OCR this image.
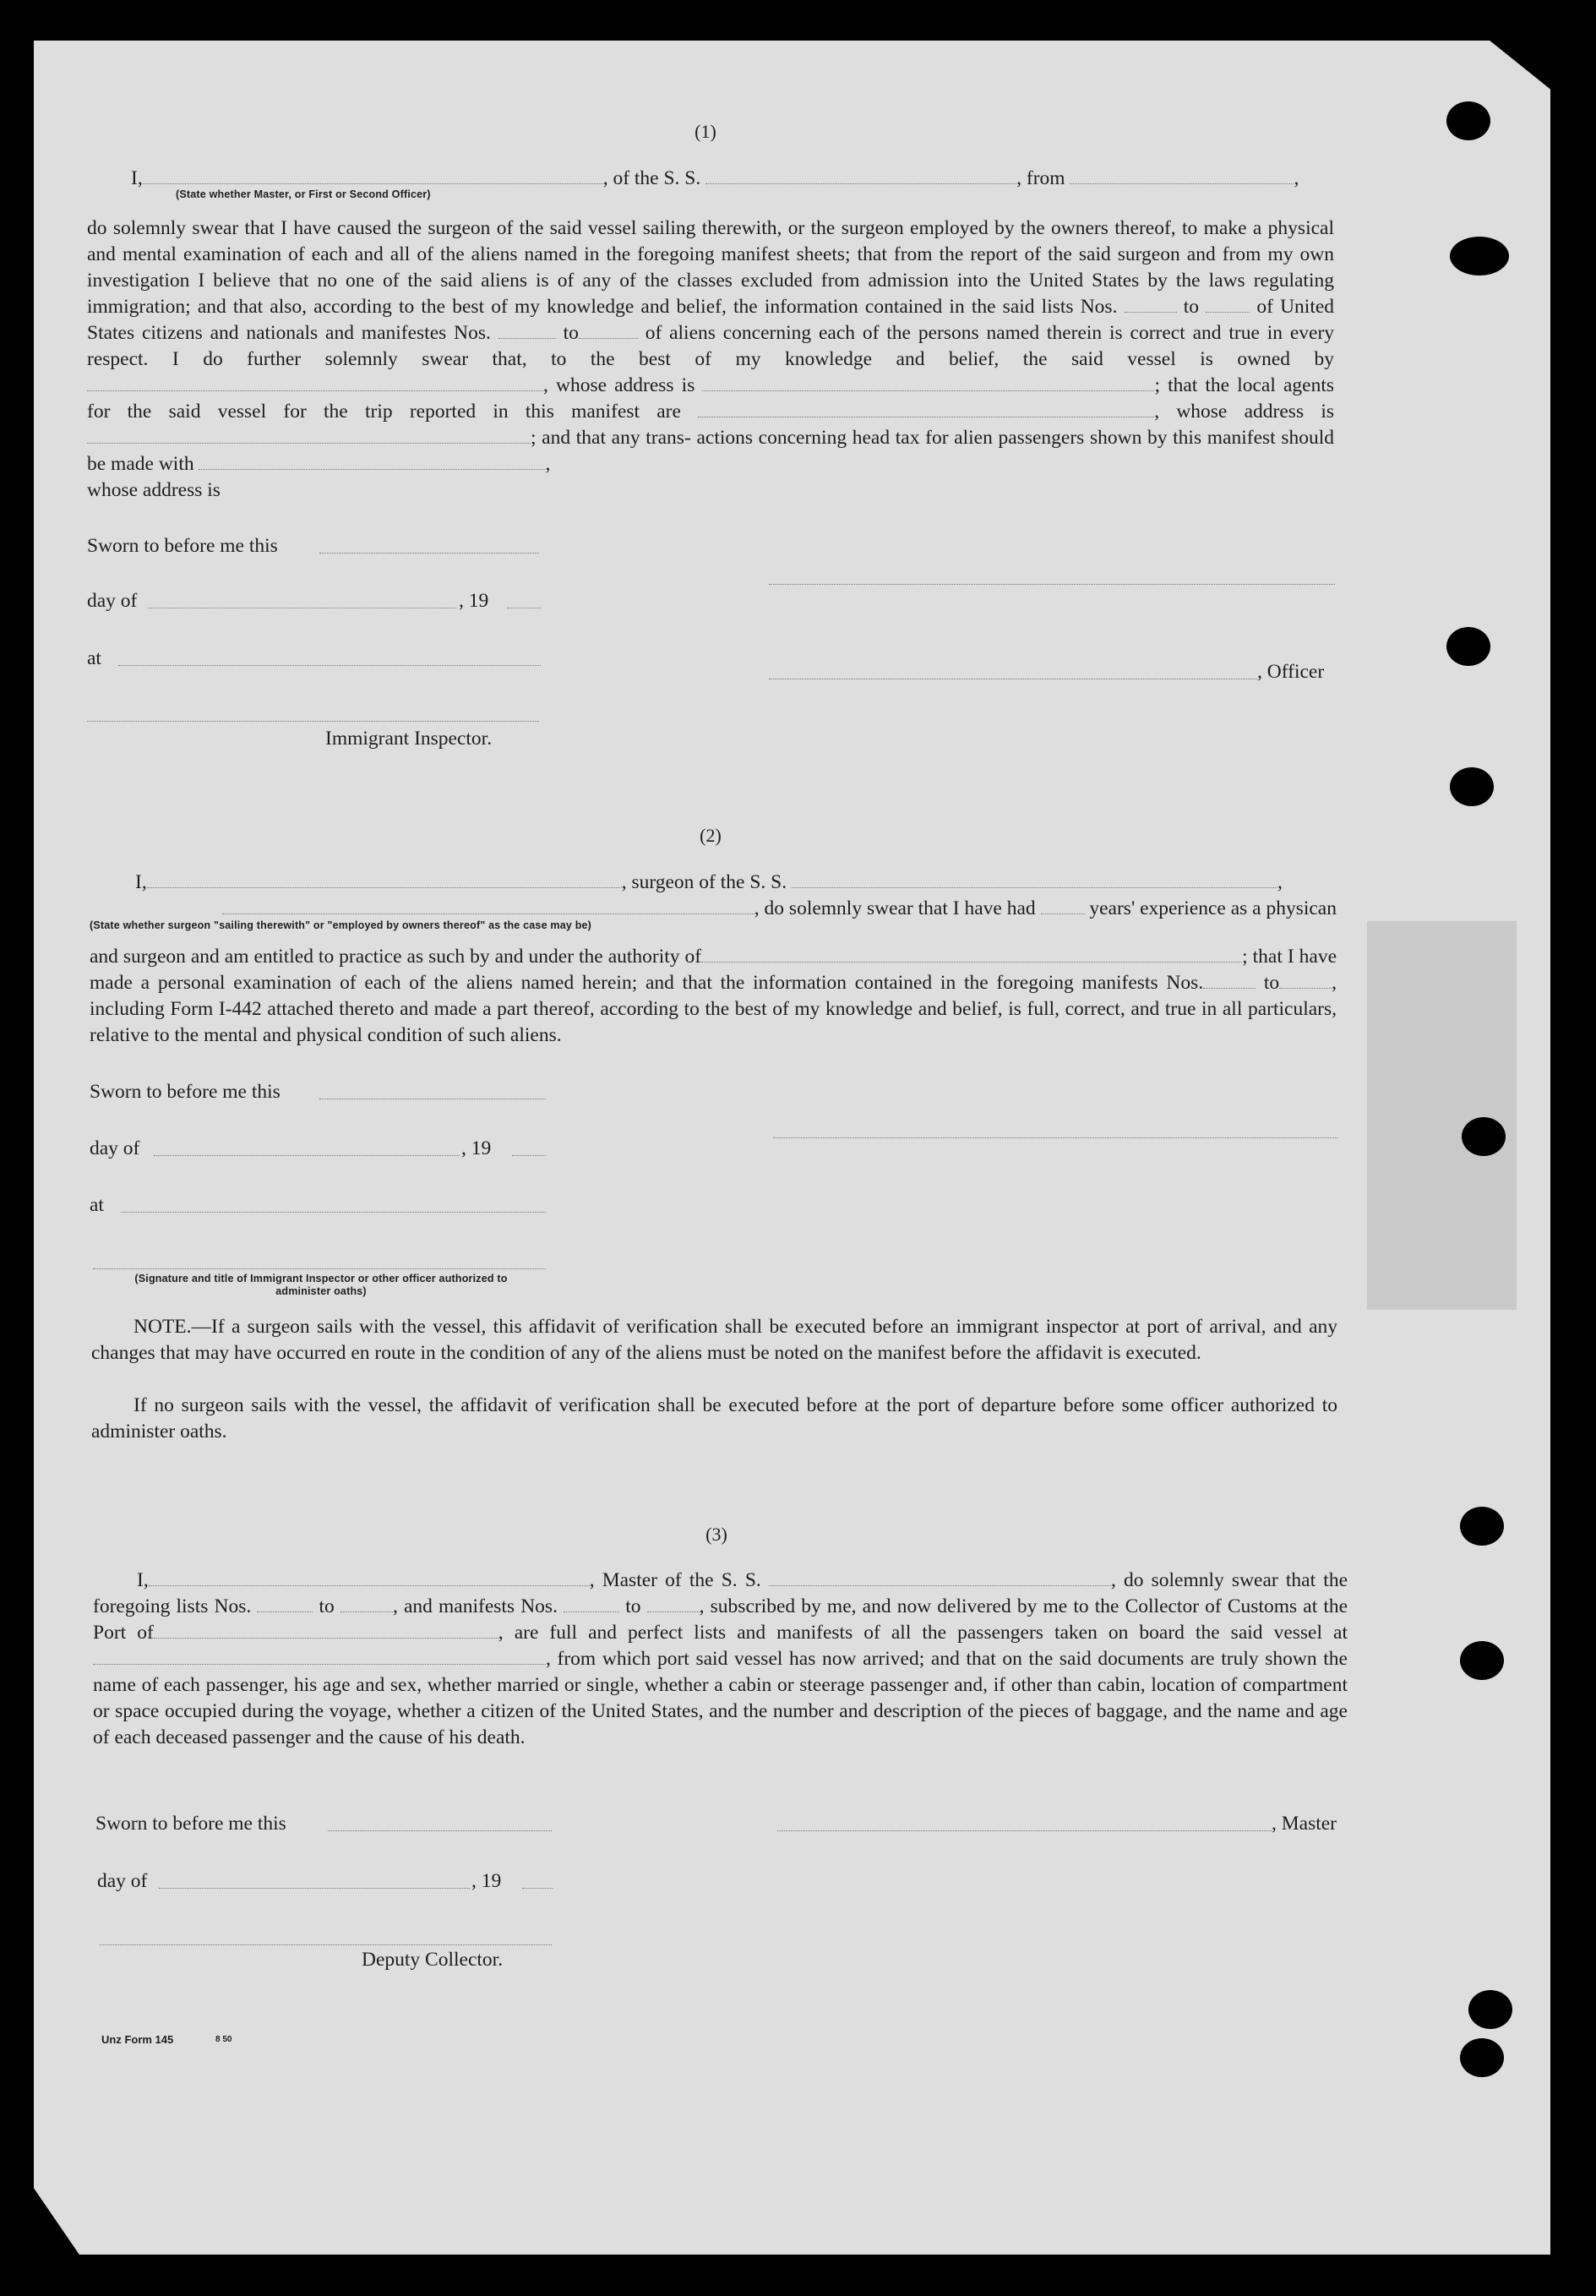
(1)
I,	, of the S. S.	, from	,
(State whether Master, or First or Second Officer)
do solemnly swear that I have caused the surgeon of the said vessel sailing therewith, or the surgeon employed by the owners thereof, to make a physical and mental examination of each and all of the aliens named in the foregoing manifest sheets; that from the report of the said surgeon and from my own investigation I believe that no one of the said aliens is of any of the classes excluded from admission into the United States by the laws regulating immigration; and that also, according to the best of my knowledge and belief, the information contained in the said lists Nos.	to	of United States citizens and nationals and manifestes Nos.	to	of aliens concerning each of the persons named therein is correct and true in every respect. I do further solemnly swear that, to the best of my knowledge and belief, the said vessel is owned by , whose address is	; that the local agents for the said vessel for the trip reported in this manifest are	, whose address is ; and that any trans- actions concerning head tax for alien passengers shown by this manifest should be made with	,
whose address is
Sworn to before me this
day of	, 19
at
, Officer
Immigrant Inspector.
(2)
I,	, surgeon of the S. S.	,
, do solemnly swear that I have had	years' experience as a physican
(State whether surgeon "sailing therewith" or "employed by owners thereof" as the case may be)
and surgeon and am entitled to practice as such by and under the authority of	; that I have made a personal examination of each of the aliens named herein; and that the information contained in the foregoing manifests Nos.	to	, including Form I-442 attached thereto and made a part thereof, according to the best of my knowledge and belief, is full, correct, and true in all particulars, relative to the mental and physical condition of such aliens.
Sworn to before me this
day of	, 19
at
(Signature and title of Immigrant Inspector or other officer authorized to administer oaths)
NOTE.—If a surgeon sails with the vessel, this affidavit of verification shall be executed before an immigrant inspector at port of arrival, and any changes that may have occurred en route in the condition of any of the aliens must be noted on the manifest before the affidavit is executed.
If no surgeon sails with the vessel, the affidavit of verification shall be executed before at the port of departure before some officer authorized to administer oaths.
(3)
I,	, Master of the S. S.	, do solemnly swear that the foregoing lists Nos.	to	, and manifests Nos.	to	, subscribed by me, and now delivered by me to the Collector of Customs at the Port of	, are full and perfect lists and manifests of all the passengers taken on board the said vessel at, from which port said vessel has now arrived; and that on the said documents are truly shown the name of each passenger, his age and sex, whether married or single, whether a cabin or steerage passenger and, if other than cabin, location of compartment or space occupied during the voyage, whether a citizen of the United States, and the number and description of the pieces of baggage, and the name and age of each deceased passenger and the cause of his death.
Sworn to before me this	, Master
day of	, 19
Deputy Collector.
Unz Form 145	8 50
